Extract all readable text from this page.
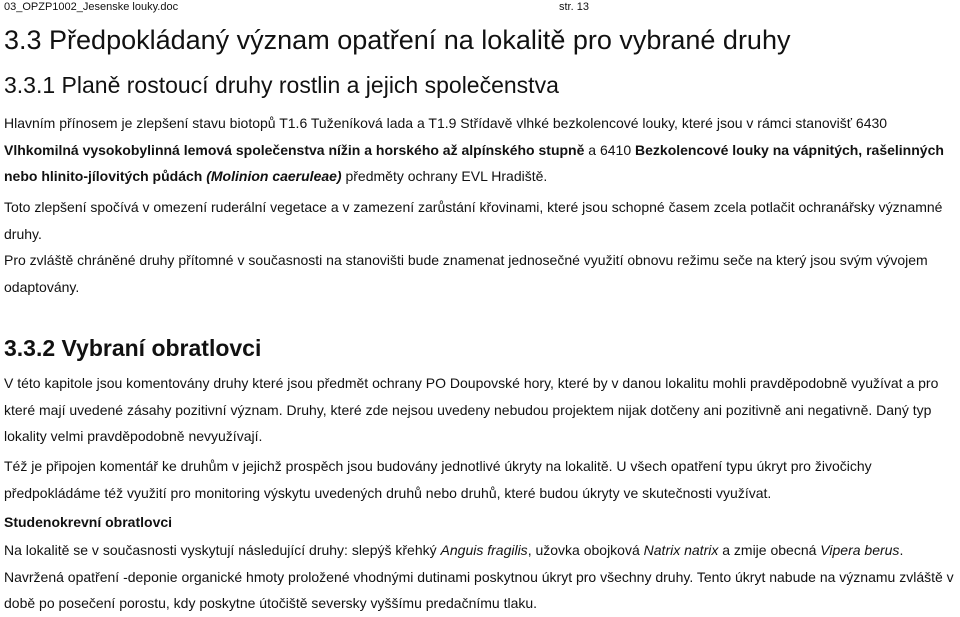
03_OPZP1002_Jesenske louky.doc	str. 13
3.3 Předpokládaný význam opatření na lokalitě pro vybrané druhy
3.3.1 Planě rostoucí druhy rostlin a jejich společenstva

Hlavním přínosem je zlepšení stavu biotopů T1.6 Tuženíková lada a T1.9 Střídavě vlhké bezkolencové louky, které jsou v rámci stanovišť 6430 Vlhkomilná vysokobylinná lemová společenstva nížin a horského až alpínského stupně a 6410 Bezkolencové louky na vápnitých, rašelinných nebo hlinito-jílovitých půdách (Molinion caeruleae) předměty ochrany EVL Hradiště.

Toto zlepšení spočívá v omezení ruderální vegetace a v zamezení zarůstání křovinami, které jsou schopné časem zcela potlačit ochranářsky významné druhy.

Pro zvláště chráněné druhy přítomné v současnosti na stanovišti bude znamenat jednosečné využití obnovu režimu seče na který jsou svým vývojem odaptovány.

3.3.2 Vybraní obratlovci

V této kapitole jsou komentovány druhy které jsou předmět ochrany PO Doupovské hory, které by v danou lokalitu mohli pravděpodobně využívat a pro které mají uvedené zásahy pozitivní význam. Druhy, které zde nejsou uvedeny nebudou projektem nijak dotčeny ani pozitivně ani negativně. Daný typ lokality velmi pravděpodobně nevyužívají.

Též je připojen komentář ke druhům v jejichž prospěch jsou budovány jednotlivé úkryty na lokalitě. U všech opatření typu úkryt pro živočichy předpokládáme též využití pro monitoring výskytu uvedených druhů nebo druhů, které budou úkryty ve skutečnosti využívat.

Studenokrevní obratlovci

Na lokalitě se v současnosti vyskytují následující druhy: slepýš křehký Anguis fragilis, užovka obojková Natrix natrix a zmije obecná Vipera berus. Navržená opatření -deponie organické hmoty proložené vhodnými dutinami poskytnou úkryt pro všechny druhy. Tento úkryt nabude na významu zvláště v době po posečení porostu, kdy poskytne útočiště seversky vyššímu predačnímu tlaku.
